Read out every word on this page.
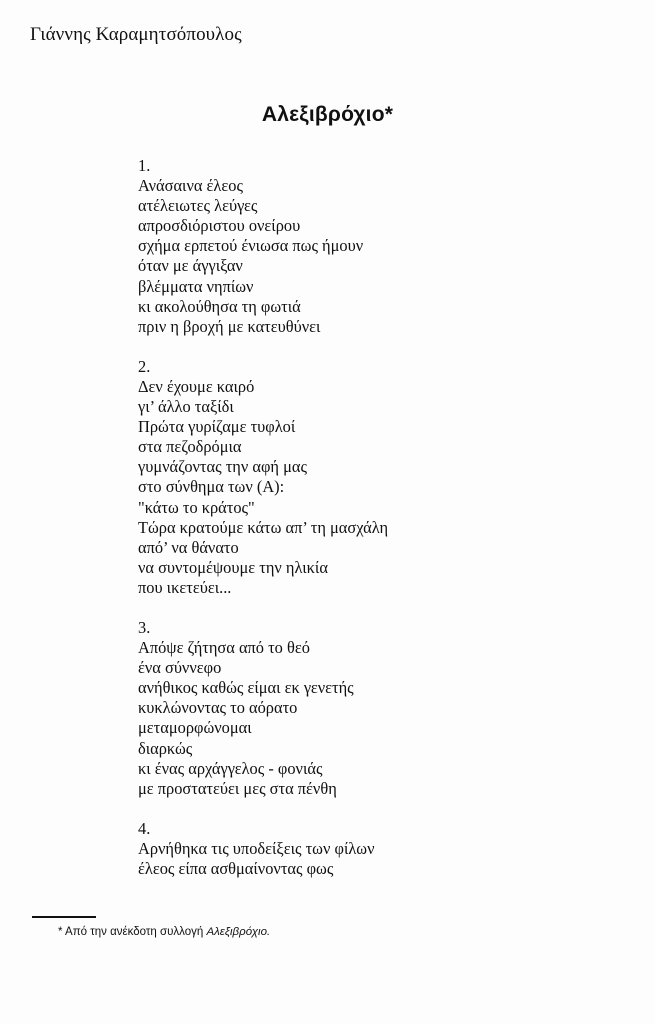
Γιάννης Καραμητσόπουλος
Αλεξιβρόχιο*
1.
Ανάσαινα έλεος
ατέλειωτες λεύγες
απροσδιόριστου ονείρου
σχήμα ερπετού ένιωσα πως ήμουν
όταν με άγγιξαν
βλέμματα νηπίων
κι ακολούθησα τη φωτιά
πριν η βροχή με κατευθύνει
2.
Δεν έχουμε καιρό
γι’ άλλο ταξίδι
Πρώτα γυρίζαμε τυφλοί
στα πεζοδρόμια
γυμνάζοντας την αφή μας
στο σύνθημα των (Α):
"κάτω το κράτος"
Τώρα κρατούμε κάτω απ’ τη μασχάλη
από’ να θάνατο
να συντομέψουμε την ηλικία
που ικετεύει...
3.
Απόψε ζήτησα από το θεό
ένα σύννεφο
ανήθικος καθώς είμαι εκ γενετής
κυκλώνοντας το αόρατο
μεταμορφώνομαι
διαρκώς
κι ένας αρχάγγελος - φονιάς
με προστατεύει μες στα πένθη
4.
Αρνήθηκα τις υποδείξεις των φίλων
έλεος είπα ασθμαίνοντας φως
* Από την ανέκδοτη συλλογή Αλεξιβρόχιο.
